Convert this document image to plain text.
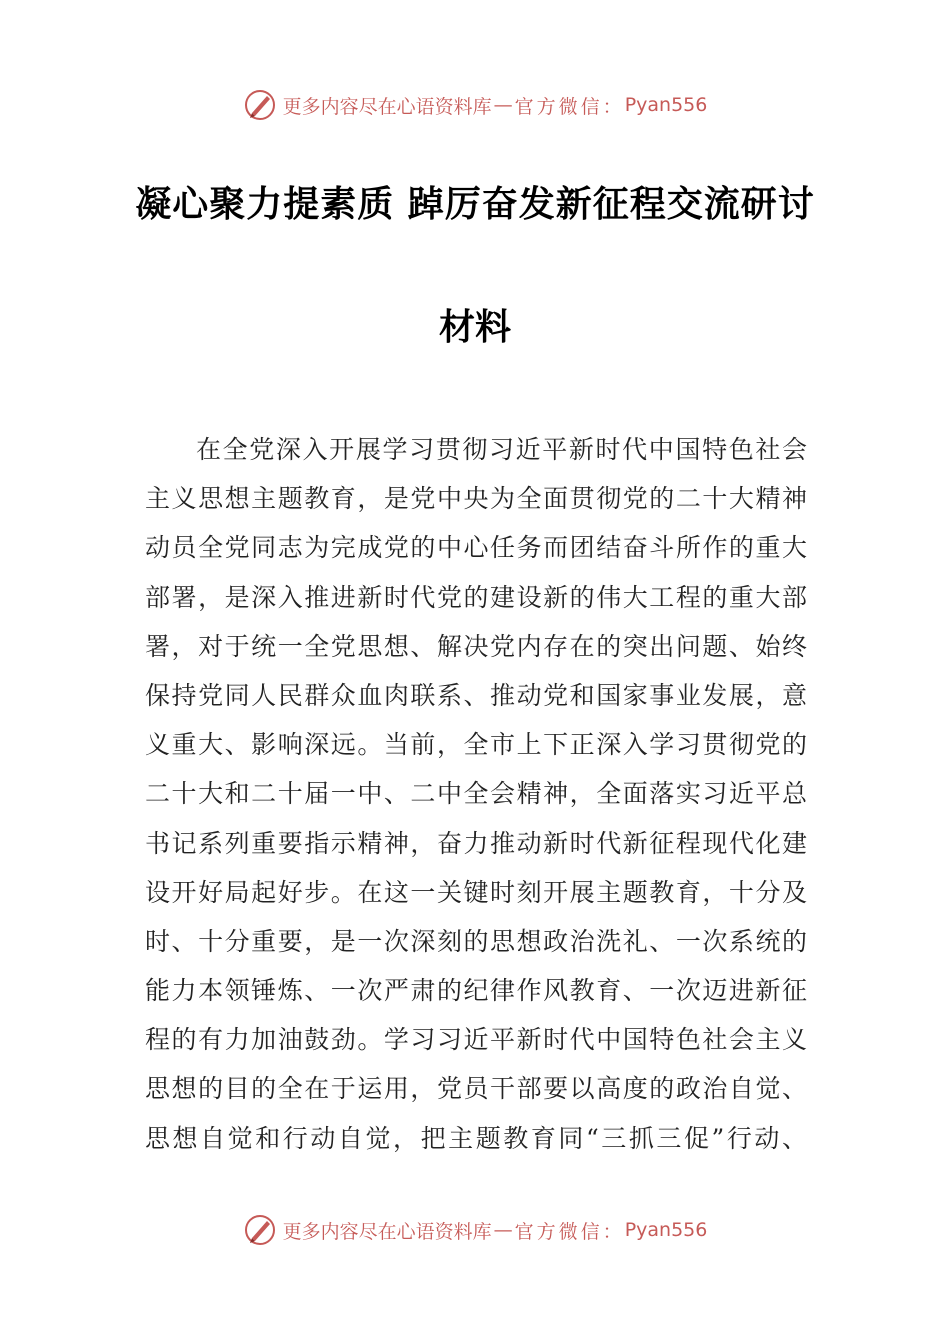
更多内容尽在心语资料库 — 官方微信： Pyan556
凝心聚力提素质 踔厉奋发新征程交流研讨
材料
在全党深入开展学习贯彻习近平新时代中国特色社会
主义思想主题教育，是党中央为全面贯彻党的二十大精神
动员全党同志为完成党的中心任务而团结奋斗所作的重大
部署，是深入推进新时代党的建设新的伟大工程的重大部
署，对于统一全党思想、解决党内存在的突出问题、始终
保持党同人民群众血肉联系、推动党和国家事业发展，意
义重大、影响深远。当前，全市上下正深入学习贯彻党的
二十大和二十届一中、二中全会精神，全面落实习近平总
书记系列重要指示精神，奋力推动新时代新征程现代化建
设开好局起好步。在这一关键时刻开展主题教育，十分及
时、十分重要，是一次深刻的思想政治洗礼、一次系统的
能力本领锤炼、一次严肃的纪律作风教育、一次迈进新征
程的有力加油鼓劲。学习习近平新时代中国特色社会主义
思想的目的全在于运用，党员干部要以高度的政治自觉、
思想自觉和行动自觉，把主题教育同“三抓三促”行动、
更多内容尽在心语资料库 — 官方微信： Pyan556
